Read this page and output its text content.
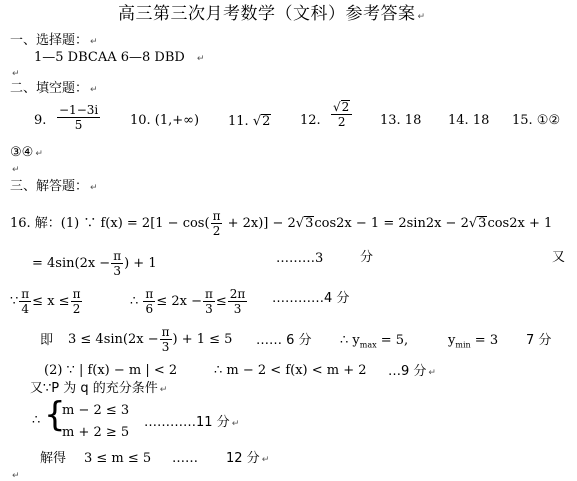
高三第三次月考数学（文科）参考答案 ↵
一、选择题： ↵
1—5 DBCAA 6—8 DBD ↵
↵
二、填空题： ↵
9. $\frac{-1-3i}{5} 10$. (1,+∞) 11. √2 12. $\frac{√2}{2} 13$. 18 14. 18 15. ①②
③④ ↵
↵
三、解答题： ↵
16. 解：(1) ∵ $f(x) = 2[1 - \cos( \frac{\pi}{2} + 2x)] - 2√3\cos 2x - 1 = 2\sin 2x - 2√3\cos 2x + 1$
= $4\sin(2x - \frac{\pi}{3}$ ) + 1	………3	分	又
∵ $\frac{\pi}{4} \le x \le \frac{\pi}{2}$	∴ $\frac{\pi}{6} \le 2x - \frac{\pi}{3} \le \frac{2\pi}{3}$ …………4 分
即 $3 \le 4\sin(2x - \frac{\pi}{3}$ ) + 1 ≤ 5 …… 6 分 ∴ $y_{max} = 5$,	$y_{min} = 3$ 7 分
(2) ∵ | f(x) − m | < 2	∴ m − 2 < f(x) < m + 2 …9 分 ↵
又∵P 为 q 的充分条件 ↵
∴ {
m − 2 ≤ 3
m + 2 ≥ 5
…………11 分 ↵
解得 3 ≤ m ≤ 5 …… 12 分 ↵
↵
